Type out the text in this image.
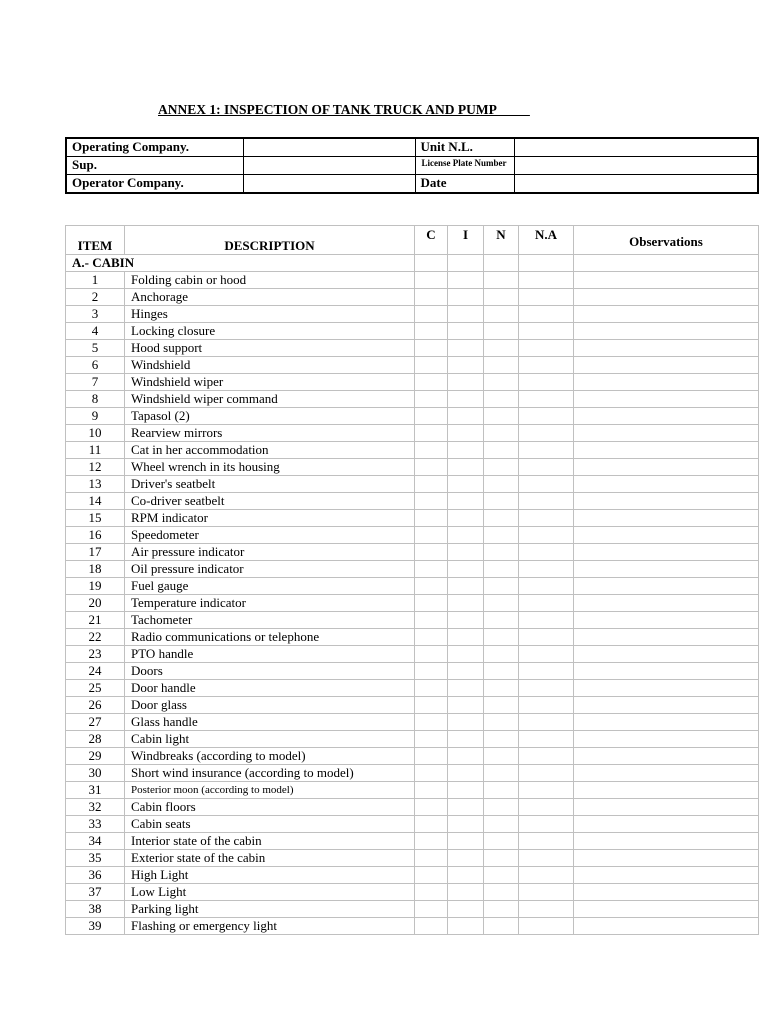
ANNEX 1: INSPECTION OF TANK TRUCK AND PUMP
Operating Company.		Unit N.L.	
Sup.		License Plate Number	
Operator Company.		Date	
ITEM	DESCRIPTION	C	I	N	N.A	Observations
A.- CABIN						
1	Folding cabin or hood					
2	Anchorage					
3	Hinges					
4	Locking closure					
5	Hood support					
6	Windshield					
7	Windshield wiper					
8	Windshield wiper command					
9	Tapasol (2)					
10	Rearview mirrors					
11	Cat in her accommodation					
12	Wheel wrench in its housing					
13	Driver's seatbelt					
14	Co-driver seatbelt					
15	RPM indicator					
16	Speedometer					
17	Air pressure indicator					
18	Oil pressure indicator					
19	Fuel gauge					
20	Temperature indicator					
21	Tachometer					
22	Radio communications or telephone					
23	PTO handle					
24	Doors					
25	Door handle					
26	Door glass					
27	Glass handle					
28	Cabin light					
29	Windbreaks (according to model)					
30	Short wind insurance (according to model)					
31	Posterior moon (according to model)					
32	Cabin floors					
33	Cabin seats					
34	Interior state of the cabin					
35	Exterior state of the cabin					
36	High Light					
37	Low Light					
38	Parking light					
39	Flashing or emergency light					
